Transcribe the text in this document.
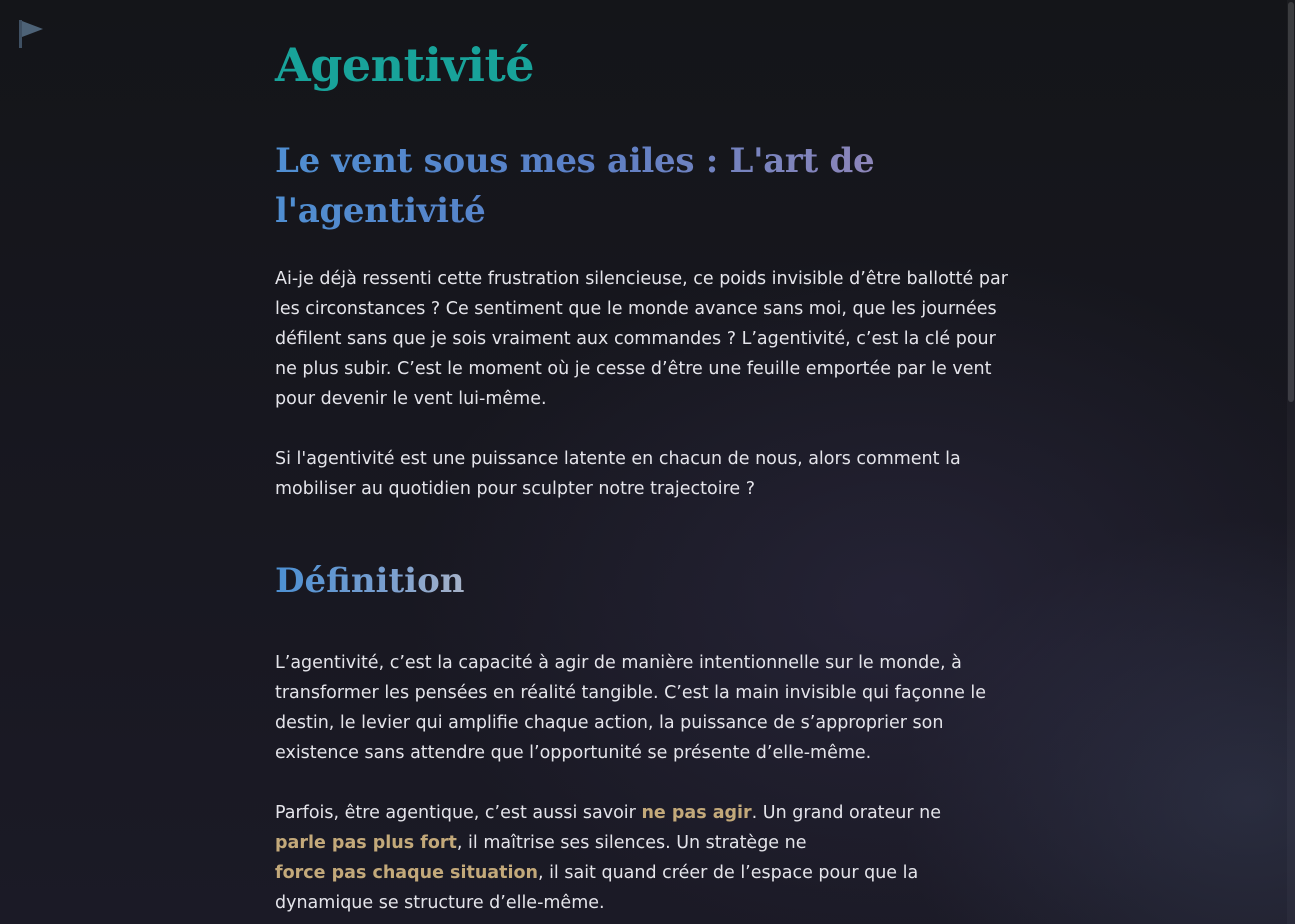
Agentivité
Le vent sous mes ailes : L'art de l'agentivité

Ai-je déjà ressenti cette frustration silencieuse, ce poids invisible d’être ballotté par les circonstances ? Ce sentiment que le monde avance sans moi, que les journées défilent sans que je sois vraiment aux commandes ? L’agentivité, c’est la clé pour ne plus subir. C’est le moment où je cesse d’être une feuille emportée par le vent pour devenir le vent lui-même.

Si l'agentivité est une puissance latente en chacun de nous, alors comment la mobiliser au quotidien pour sculpter notre trajectoire ?

Définition

L’agentivité, c’est la capacité à agir de manière intentionnelle sur le monde, à transformer les pensées en réalité tangible. C’est la main invisible qui façonne le destin, le levier qui amplifie chaque action, la puissance de s’approprier son existence sans attendre que l’opportunité se présente d’elle-même.

Parfois, être agentique, c’est aussi savoir ne pas agir. Un grand orateur ne
parle pas plus fort, il maîtrise ses silences. Un stratège ne
force pas chaque situation, il sait quand créer de l’espace pour que la dynamique se structure d’elle-même.
